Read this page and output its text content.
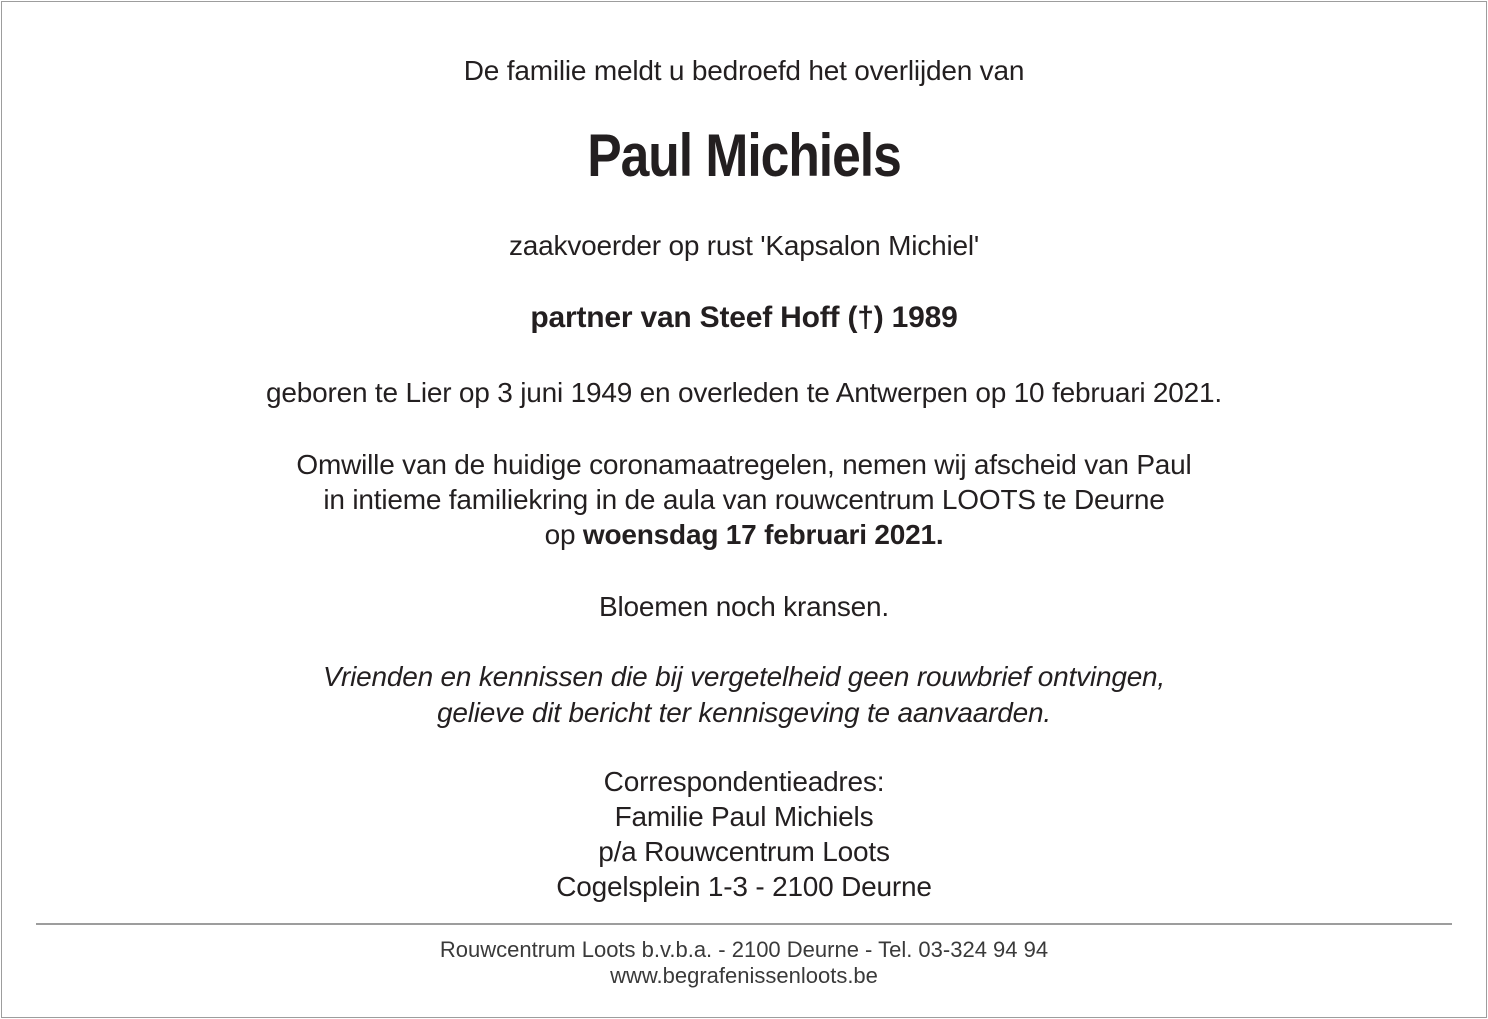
De familie meldt u bedroefd het overlijden van
Paul Michiels
zaakvoerder op rust 'Kapsalon Michiel'
partner van Steef Hoff (†) 1989
geboren te Lier op 3 juni 1949 en overleden te Antwerpen op 10 februari 2021.
Omwille van de huidige coronamaatregelen, nemen wij afscheid van Paul
in intieme familiekring in de aula van rouwcentrum LOOTS te Deurne
op woensdag 17 februari 2021.
Bloemen noch kransen.
Vrienden en kennissen die bij vergetelheid geen rouwbrief ontvingen,
gelieve dit bericht ter kennisgeving te aanvaarden.
Correspondentieadres:
Familie Paul Michiels
p/a Rouwcentrum Loots
Cogelsplein 1-3 - 2100 Deurne
Rouwcentrum Loots b.v.b.a. - 2100 Deurne - Tel. 03-324 94 94
www.begrafenissenloots.be
